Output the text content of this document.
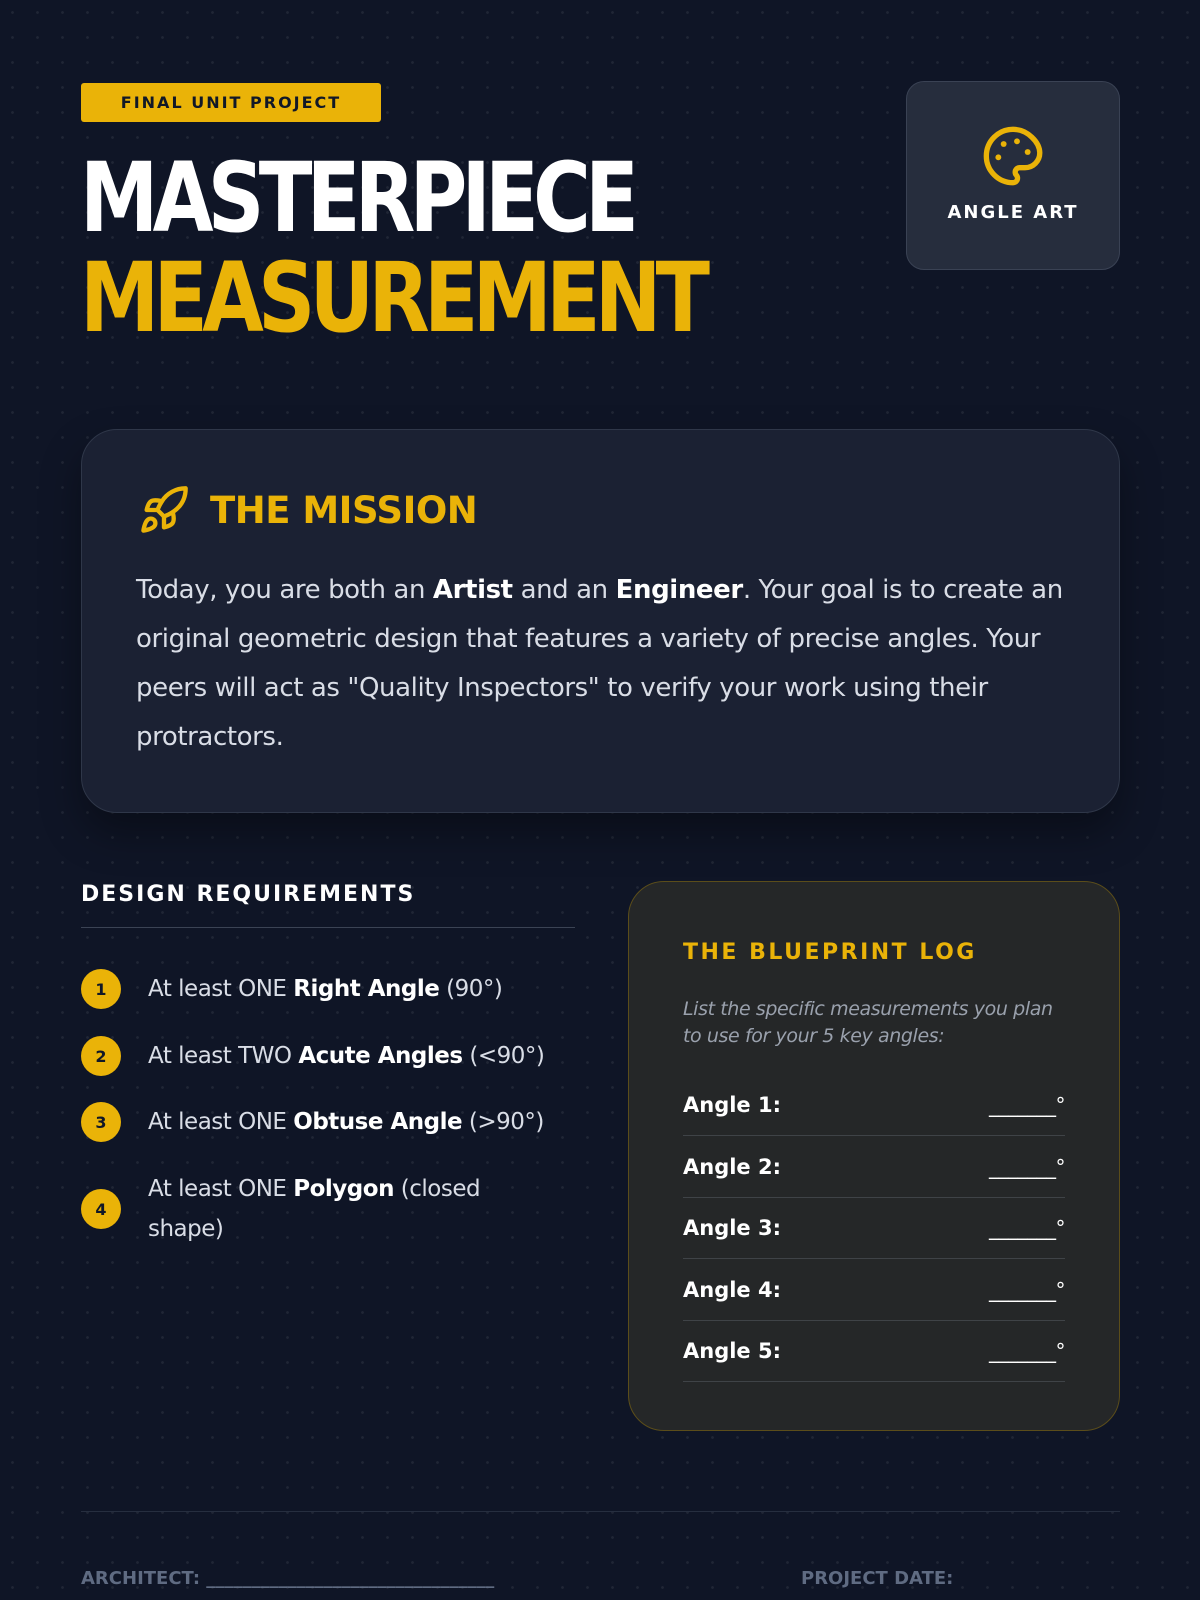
FINAL UNIT PROJECT
MASTERPIECE
MEASUREMENT
ANGLE ART
THE MISSION
Today, you are both an Artist and an Engineer. Your goal is to create an original geometric design that features a variety of precise angles. Your peers will act as "Quality Inspectors" to verify your work using their protractors.
DESIGN REQUIREMENTS
1	At least ONE Right Angle (90°)
2	At least TWO Acute Angles (<90°)
3	At least ONE Obtuse Angle (>90°)
4
At least ONE Polygon (closed shape)
THE BLUEPRINT LOG
List the specific measurements you plan to use for your 5 key angles:
Angle 1:	_______°
Angle 2:	_______°
Angle 3:	_______°
Angle 4:	_______°
Angle 5:	_______°
ARCHITECT: ________________________________	PROJECT DATE:
